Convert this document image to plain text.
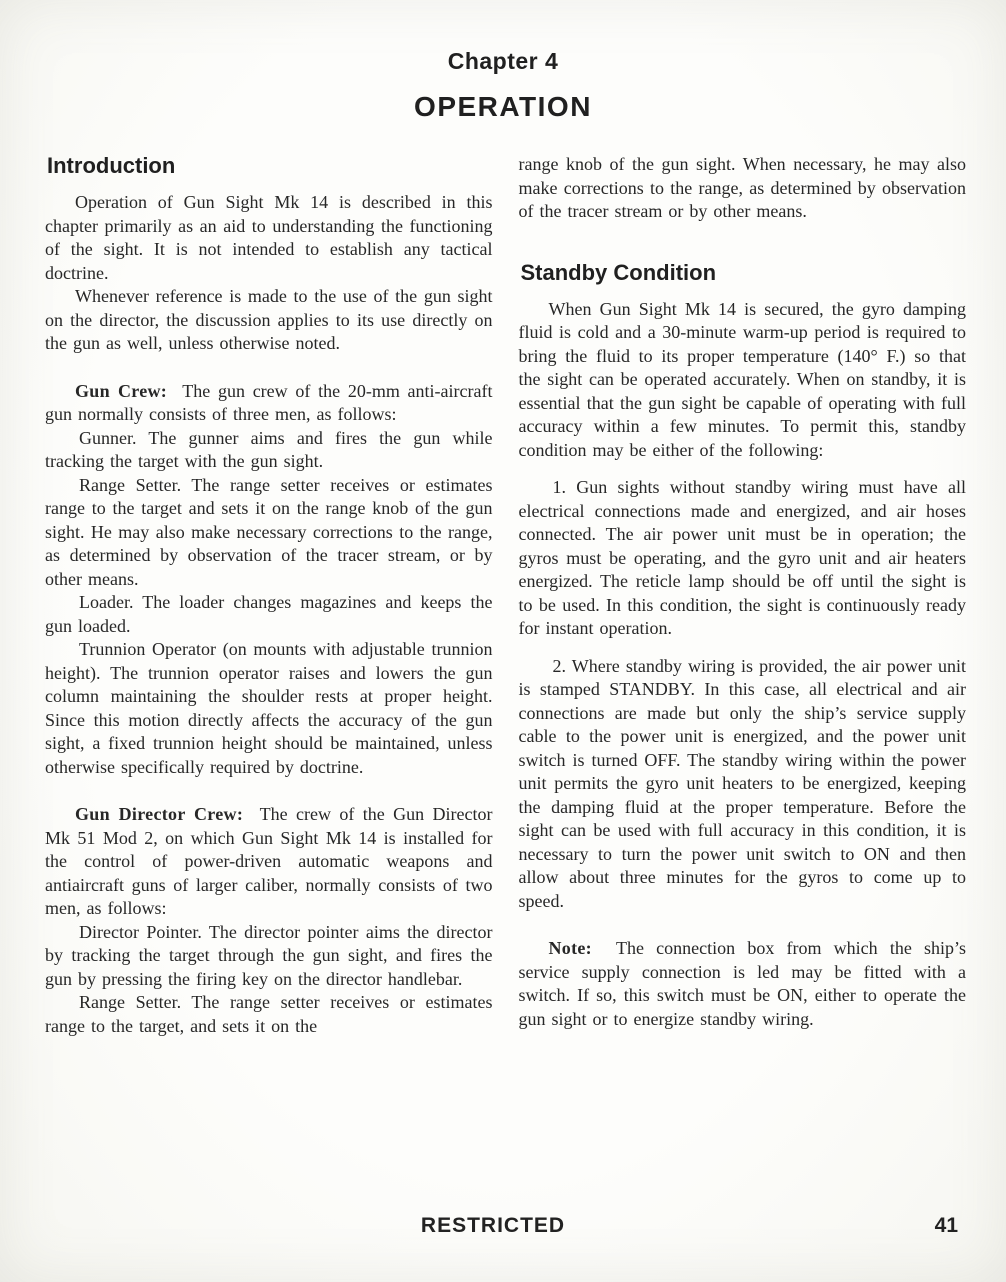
Chapter 4
OPERATION
Introduction

Operation of Gun Sight Mk 14 is described in this chapter primarily as an aid to understanding the functioning of the sight. It is not intended to establish any tactical doctrine.

Whenever reference is made to the use of the gun sight on the director, the discussion applies to its use directly on the gun as well, unless otherwise noted.

Gun Crew: The gun crew of the 20-mm anti-aircraft gun normally consists of three men, as follows:

Gunner. The gunner aims and fires the gun while tracking the target with the gun sight.

Range Setter. The range setter receives or estimates range to the target and sets it on the range knob of the gun sight. He may also make necessary corrections to the range, as determined by observation of the tracer stream, or by other means.

Loader. The loader changes magazines and keeps the gun loaded.

Trunnion Operator (on mounts with adjustable trunnion height). The trunnion operator raises and lowers the gun column maintaining the shoulder rests at proper height. Since this motion directly affects the accuracy of the gun sight, a fixed trunnion height should be maintained, unless otherwise specifically required by doctrine.

Gun Director Crew: The crew of the Gun Director Mk 51 Mod 2, on which Gun Sight Mk 14 is installed for the control of power-driven automatic weapons and antiaircraft guns of larger caliber, normally consists of two men, as follows:

Director Pointer. The director pointer aims the director by tracking the target through the gun sight, and fires the gun by pressing the firing key on the director handlebar.

Range Setter. The range setter receives or estimates range to the target, and sets it on the

range knob of the gun sight. When necessary, he may also make corrections to the range, as determined by observation of the tracer stream or by other means.

Standby Condition

When Gun Sight Mk 14 is secured, the gyro damping fluid is cold and a 30-minute warm-up period is required to bring the fluid to its proper temperature (140° F.) so that the sight can be operated accurately. When on standby, it is essential that the gun sight be capable of operating with full accuracy within a few minutes. To permit this, standby condition may be either of the following:

1. Gun sights without standby wiring must have all electrical connections made and energized, and air hoses connected. The air power unit must be in operation; the gyros must be operating, and the gyro unit and air heaters energized. The reticle lamp should be off until the sight is to be used. In this condition, the sight is continuously ready for instant operation.

2. Where standby wiring is provided, the air power unit is stamped STANDBY. In this case, all electrical and air connections are made but only the ship’s service supply cable to the power unit is energized, and the power unit switch is turned OFF. The standby wiring within the power unit permits the gyro unit heaters to be energized, keeping the damping fluid at the proper temperature. Before the sight can be used with full accuracy in this condition, it is necessary to turn the power unit switch to ON and then allow about three minutes for the gyros to come up to speed.

Note: The connection box from which the ship’s service supply connection is led may be fitted with a switch. If so, this switch must be ON, either to operate the gun sight or to energize standby wiring.

RESTRICTED	41
